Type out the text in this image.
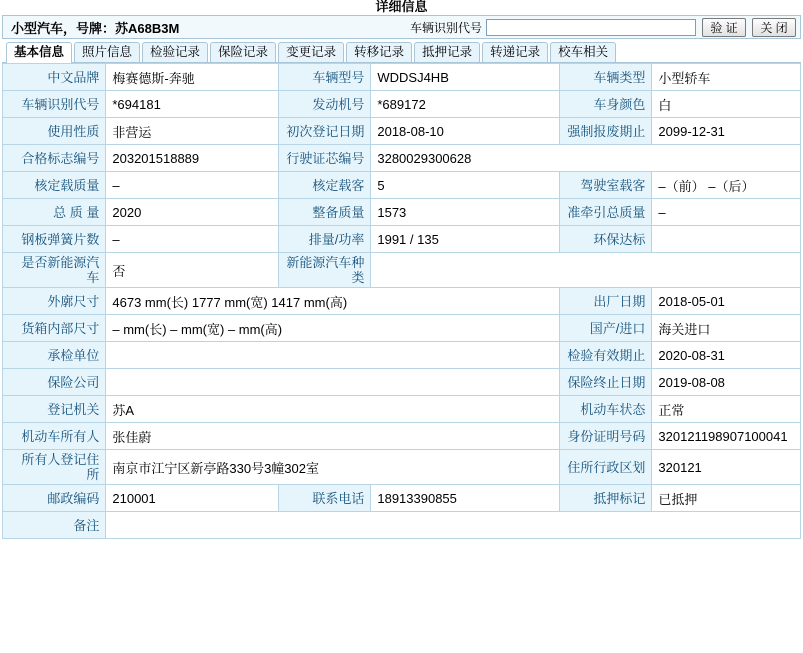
详细信息
小型汽车，号牌：苏A68B3M	车辆识别代号	验 证	关 闭
基本信息	照片信息	检验记录	保险记录	变更记录	转移记录	抵押记录	转递记录	校车相关
中文品牌	梅赛德斯-奔驰	车辆型号	WDDSJ4HB	车辆类型	小型轿车
车辆识别代号	*694181	发动机号	*689172	车身颜色	白
使用性质	非营运	初次登记日期	2018-08-10	强制报废期止	2099-12-31
合格标志编号	203201518889	行驶证芯编号	3280029300628		
核定载质量	–	核定载客	5	驾驶室载客	–（前） –（后）
总 质 量	2020	整备质量	1573	准牵引总质量	–
钢板弹簧片数	–	排量/功率	1991 / 135	环保达标	
是否新能源汽车	否	新能源汽车种类			
外廓尺寸	4673 mm(长) 1777 mm(宽) 1417 mm(高)			出厂日期	2018-05-01
货箱内部尺寸	– mm(长) – mm(宽) – mm(高)			国产/进口	海关进口
承检单位				检验有效期止	2020-08-31
保险公司				保险终止日期	2019-08-08
登记机关	苏A			机动车状态	正常
机动车所有人	张佳蔚			身份证明号码	320121198907100041
所有人登记住所	南京市江宁区新亭路330号3幢302室			住所行政区划	320121
邮政编码	210001	联系电话	18913390855	抵押标记	已抵押
备注					
